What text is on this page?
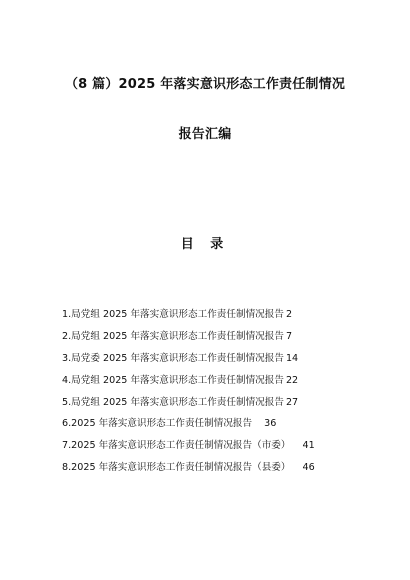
（8 篇）2025 年落实意识形态工作责任制情况
报告汇编
目 录
1.局党组 2025 年落实意识形态工作责任制情况报告 2
2.局党组 2025 年落实意识形态工作责任制情况报告 7
3.局党委 2025 年落实意识形态工作责任制情况报告 14
4.局党组 2025 年落实意识形态工作责任制情况报告 22
5.局党组 2025 年落实意识形态工作责任制情况报告 27
6.2025 年落实意识形态工作责任制情况报告 36
7.2025 年落实意识形态工作责任制情况报告（市委） 41
8.2025 年落实意识形态工作责任制情况报告（县委） 46
